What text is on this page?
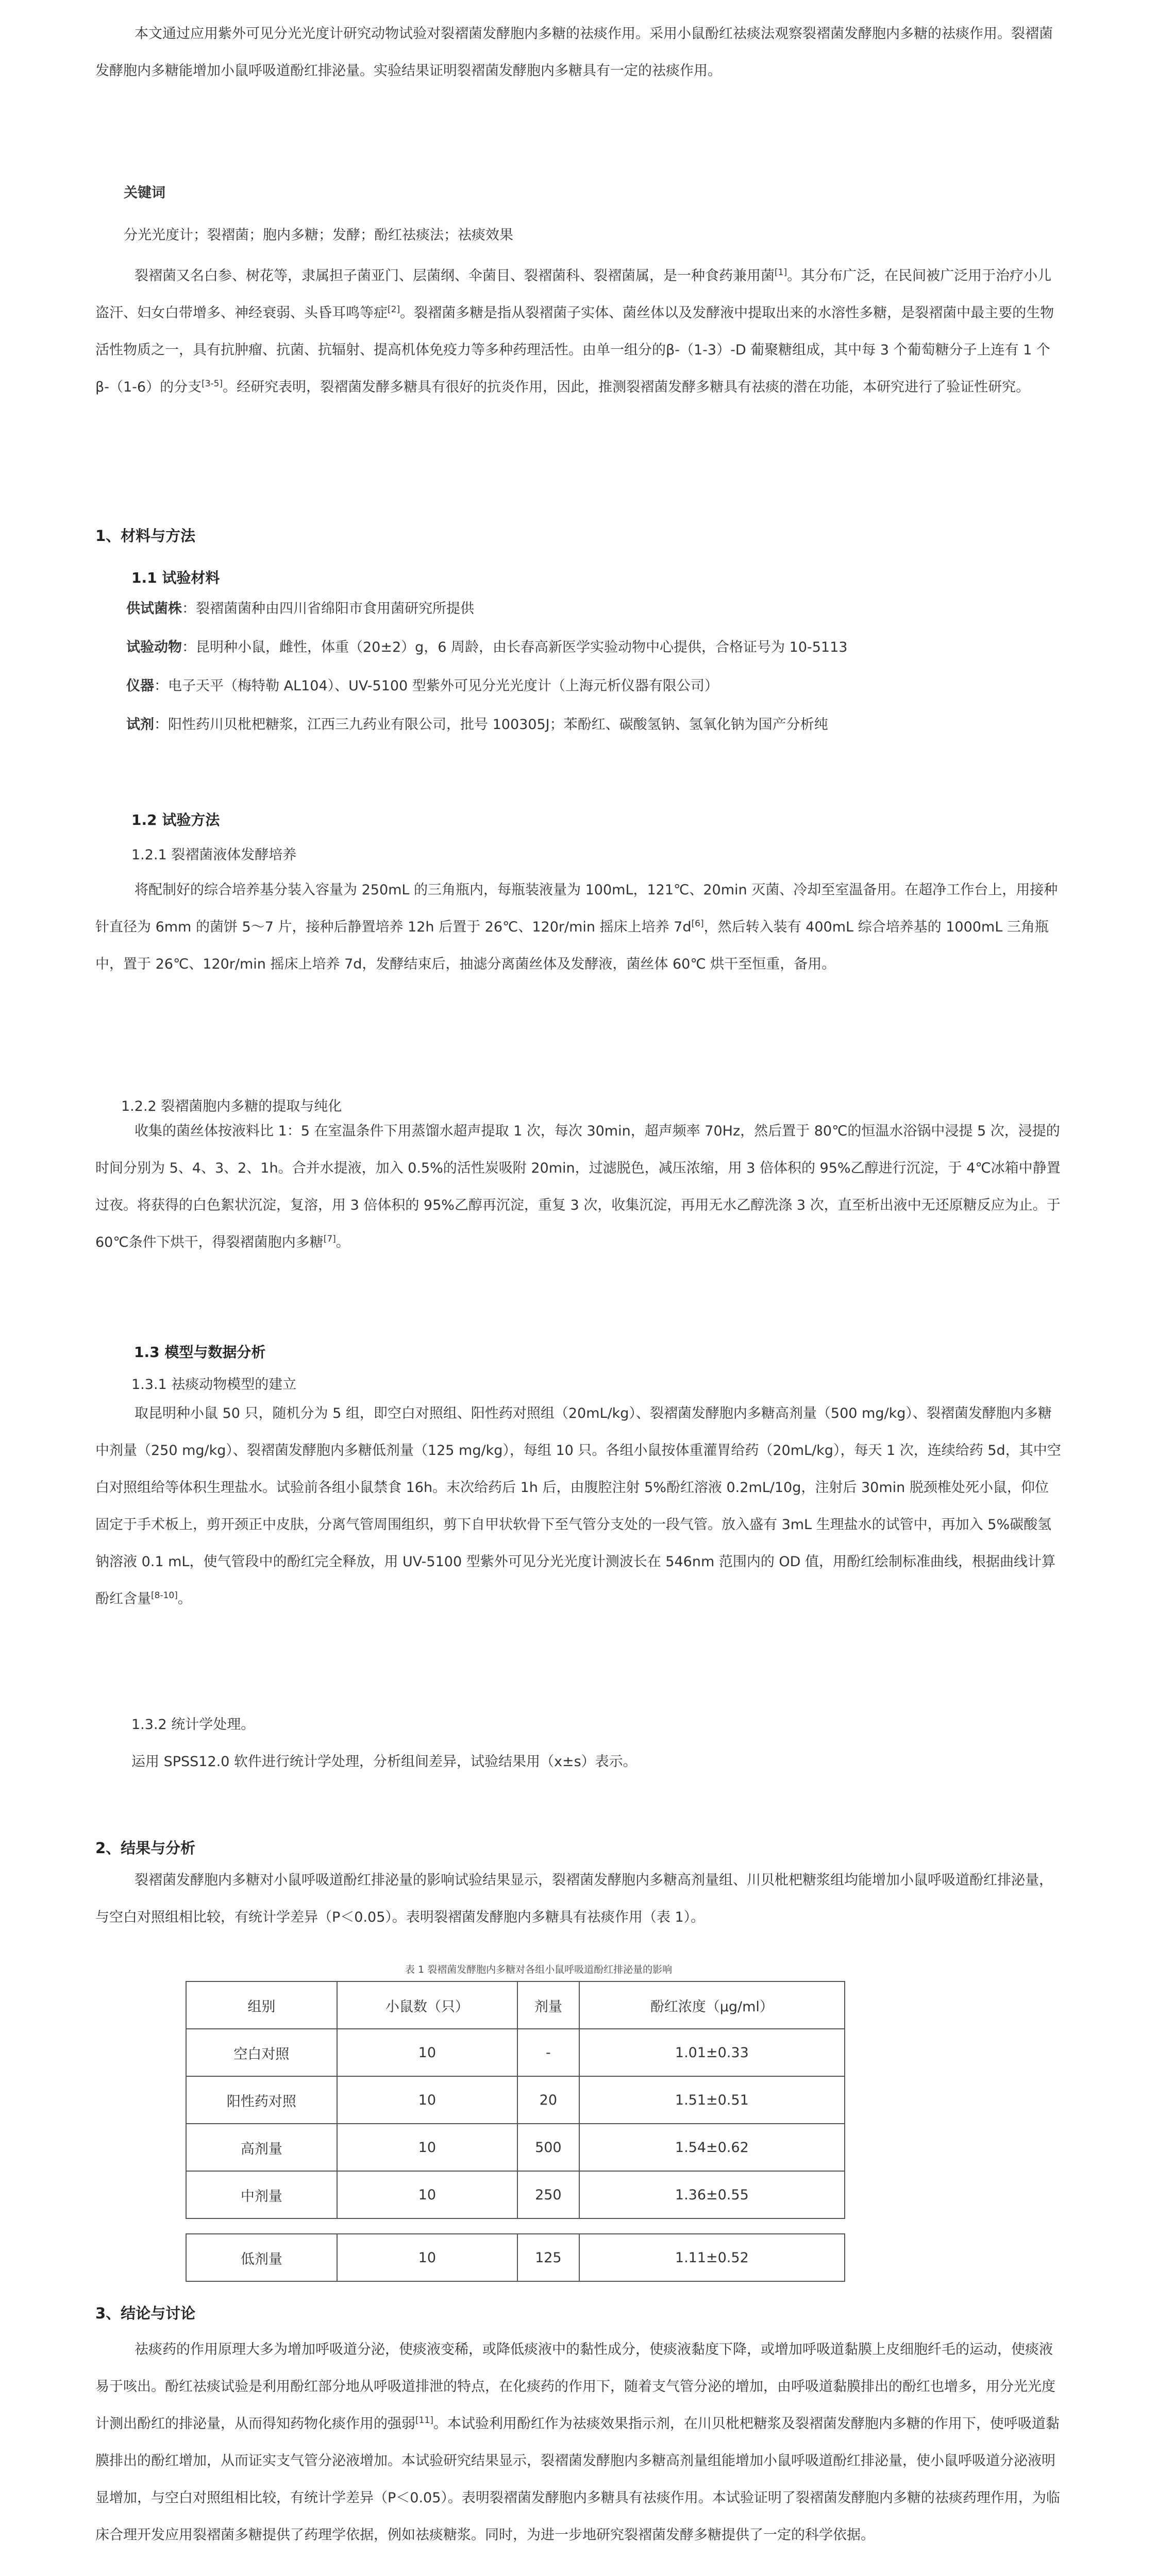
本文通过应用紫外可见分光光度计研究动物试验对裂褶菌发酵胞内多糖的祛痰作用。采用小鼠酚红祛痰法观察裂褶菌发酵胞内多糖的祛痰作用。裂褶菌发酵胞内多糖能增加小鼠呼吸道酚红排泌量。实验结果证明裂褶菌发酵胞内多糖具有一定的祛痰作用。

关键词
分光光度计；裂褶菌；胞内多糖；发酵；酚红祛痰法；祛痰效果

裂褶菌又名白参、树花等，隶属担子菌亚门、层菌纲、伞菌目、裂褶菌科、裂褶菌属，是一种食药兼用菌[1]。其分布广泛，在民间被广泛用于治疗小儿盗汗、妇女白带增多、神经衰弱、头昏耳鸣等症[2]。裂褶菌多糖是指从裂褶菌子实体、菌丝体以及发酵液中提取出来的水溶性多糖，是裂褶菌中最主要的生物活性物质之一，具有抗肿瘤、抗菌、抗辐射、提高机体免疫力等多种药理活性。由单一组分的β-（1-3）-D 葡聚糖组成，其中每 3 个葡萄糖分子上连有 1 个β-（1-6）的分支[3-5]。经研究表明，裂褶菌发酵多糖具有很好的抗炎作用，因此，推测裂褶菌发酵多糖具有祛痰的潜在功能，本研究进行了验证性研究。

1、材料与方法
1.1 试验材料
供试菌株：裂褶菌菌种由四川省绵阳市食用菌研究所提供
试验动物：昆明种小鼠，雌性，体重（20±2）g，6 周龄，由长春高新医学实验动物中心提供，合格证号为 10-5113
仪器：电子天平（梅特勒 AL104）、UV-5100 型紫外可见分光光度计（上海元析仪器有限公司）
试剂：阳性药川贝枇杷糖浆，江西三九药业有限公司，批号 100305J；苯酚红、碳酸氢钠、氢氧化钠为国产分析纯
1.2 试验方法
1.2.1 裂褶菌液体发酵培养

将配制好的综合培养基分装入容量为 250mL 的三角瓶内，每瓶装液量为 100mL，121℃、20min 灭菌、冷却至室温备用。在超净工作台上，用接种针直径为 6mm 的菌饼 5～7 片，接种后静置培养 12h 后置于 26℃、120r/min 摇床上培养 7d[6]，然后转入装有 400mL 综合培养基的 1000mL 三角瓶中，置于 26℃、120r/min 摇床上培养 7d，发酵结束后，抽滤分离菌丝体及发酵液，菌丝体 60℃ 烘干至恒重，备用。

1.2.2 裂褶菌胞内多糖的提取与纯化

收集的菌丝体按液料比 1：5 在室温条件下用蒸馏水超声提取 1 次，每次 30min，超声频率 70Hz，然后置于 80℃的恒温水浴锅中浸提 5 次，浸提的时间分别为 5、4、3、2、1h。合并水提液，加入 0.5%的活性炭吸附 20min，过滤脱色，减压浓缩，用 3 倍体积的 95%乙醇进行沉淀，于 4℃冰箱中静置过夜。将获得的白色絮状沉淀，复溶，用 3 倍体积的 95%乙醇再沉淀，重复 3 次，收集沉淀，再用无水乙醇洗涤 3 次，直至析出液中无还原糖反应为止。于 60℃条件下烘干，得裂褶菌胞内多糖[7]。

1.3 模型与数据分析
1.3.1 祛痰动物模型的建立

取昆明种小鼠 50 只，随机分为 5 组，即空白对照组、阳性药对照组（20mL/kg）、裂褶菌发酵胞内多糖高剂量（500 mg/kg）、裂褶菌发酵胞内多糖中剂量（250 mg/kg）、裂褶菌发酵胞内多糖低剂量（125 mg/kg），每组 10 只。各组小鼠按体重灌胃给药（20mL/kg），每天 1 次，连续给药 5d，其中空白对照组给等体积生理盐水。试验前各组小鼠禁食 16h。末次给药后 1h 后，由腹腔注射 5%酚红溶液 0.2mL/10g，注射后 30min 脱颈椎处死小鼠，仰位固定于手术板上，剪开颈正中皮肤，分离气管周围组织，剪下自甲状软骨下至气管分支处的一段气管。放入盛有 3mL 生理盐水的试管中，再加入 5%碳酸氢钠溶液 0.1 mL，使气管段中的酚红完全释放，用 UV-5100 型紫外可见分光光度计测波长在 546nm 范围内的 OD 值，用酚红绘制标准曲线，根据曲线计算酚红含量[8-10]。

1.3.2 统计学处理。
运用 SPSS12.0 软件进行统计学处理，分析组间差异，试验结果用（x±s）表示。
2、结果与分析

裂褶菌发酵胞内多糖对小鼠呼吸道酚红排泌量的影响试验结果显示，裂褶菌发酵胞内多糖高剂量组、川贝枇杷糖浆组均能增加小鼠呼吸道酚红排泌量，与空白对照组相比较，有统计学差异（P＜0.05）。表明裂褶菌发酵胞内多糖具有祛痰作用（表 1）。

表 1 裂褶菌发酵胞内多糖对各组小鼠呼吸道酚红排泌量的影响
组别	小鼠数（只）	剂量	酚红浓度（μg/ml）
空白对照	10	-	1.01±0.33
阳性药对照	10	20	1.51±0.51
高剂量	10	500	1.54±0.62
中剂量	10	250	1.36±0.55

低剂量	10	125	1.11±0.52
3、结论与讨论

祛痰药的作用原理大多为增加呼吸道分泌，使痰液变稀，或降低痰液中的黏性成分，使痰液黏度下降，或增加呼吸道黏膜上皮细胞纤毛的运动，使痰液易于咳出。酚红祛痰试验是利用酚红部分地从呼吸道排泄的特点，在化痰药的作用下，随着支气管分泌的增加，由呼吸道黏膜排出的酚红也增多，用分光光度计测出酚红的排泌量，从而得知药物化痰作用的强弱[11]。本试验利用酚红作为祛痰效果指示剂，在川贝枇杷糖浆及裂褶菌发酵胞内多糖的作用下，使呼吸道黏膜排出的酚红增加，从而证实支气管分泌液增加。本试验研究结果显示，裂褶菌发酵胞内多糖高剂量组能增加小鼠呼吸道酚红排泌量，使小鼠呼吸道分泌液明显增加，与空白对照组相比较，有统计学差异（P＜0.05）。表明裂褶菌发酵胞内多糖具有祛痰作用。本试验证明了裂褶菌发酵胞内多糖的祛痰药理作用，为临床合理开发应用裂褶菌多糖提供了药理学依据，例如祛痰糖浆。同时，为进一步地研究裂褶菌发酵多糖提供了一定的科学依据。
